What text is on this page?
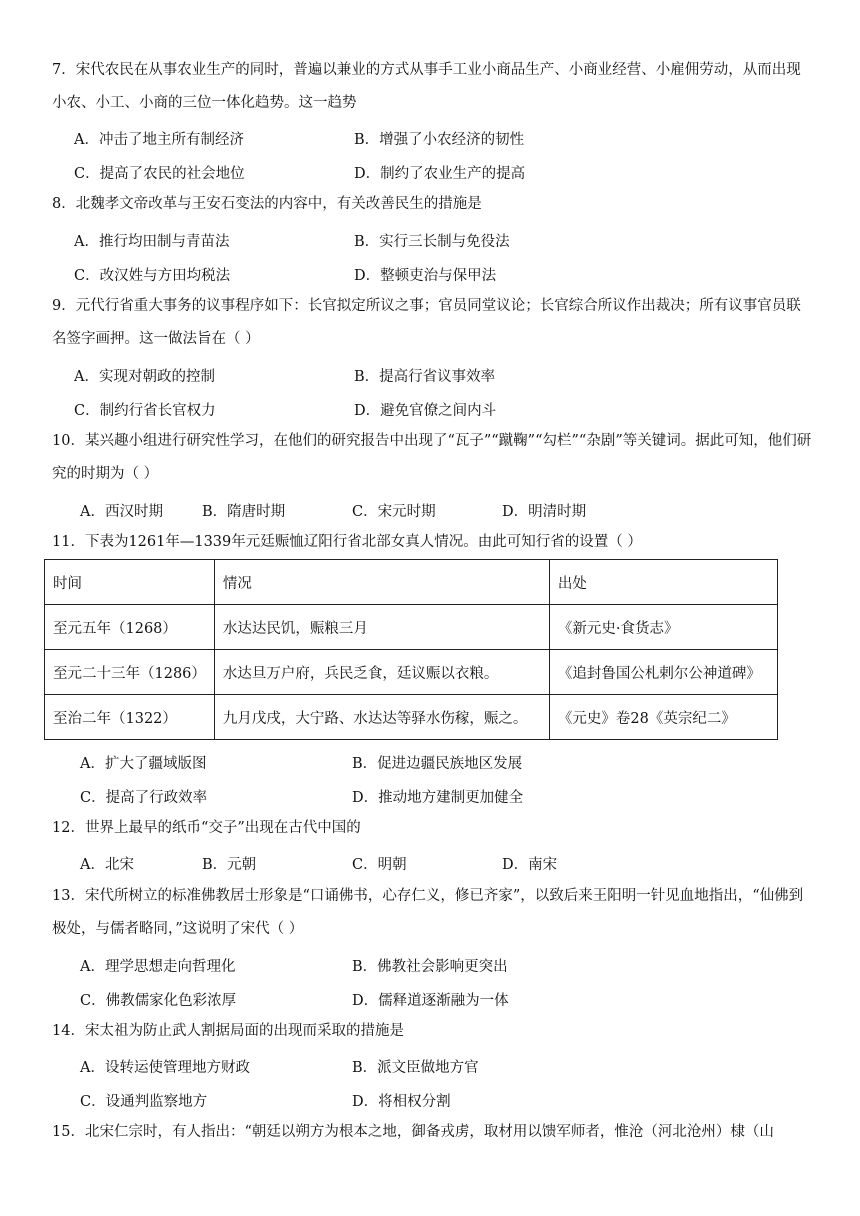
7．宋代农民在从事农业生产的同时，普遍以兼业的方式从事手工业小商品生产、小商业经营、小雇佣劳动，从而出现小农、小工、小商的三位一体化趋势。这一趋势
A．冲击了地主所有制经济	B．增强了小农经济的韧性
C．提高了农民的社会地位	D．制约了农业生产的提高
8．北魏孝文帝改革与王安石变法的内容中，有关改善民生的措施是
A．推行均田制与青苗法	B．实行三长制与免役法
C．改汉姓与方田均税法	D．整顿吏治与保甲法
9．元代行省重大事务的议事程序如下：长官拟定所议之事；官员同堂议论；长官综合所议作出裁决；所有议事官员联名签字画押。这一做法旨在（ ）
A．实现对朝政的控制	B．提高行省议事效率
C．制约行省长官权力	D．避免官僚之间内斗
10．某兴趣小组进行研究性学习，在他们的研究报告中出现了“瓦子”“蹴鞠”“勾栏”“杂剧”等关键词。据此可知，他们研究的时期为（ ）
A．西汉时期	B．隋唐时期	C．宋元时期	D．明清时期
11．下表为1261年—1339年元廷赈恤辽阳行省北部女真人情况。由此可知行省的设置（ ）
时间	情况	出处
至元五年（1268）	水达达民饥，赈粮三月	《新元史·食货志》
至元二十三年（1286）	水达旦万户府，兵民乏食，廷议赈以衣粮。	《追封鲁国公札剌尔公神道碑》
至治二年（1322）	九月戊戌，大宁路、水达达等驿水伤稼，赈之。	《元史》卷28《英宗纪二》
A．扩大了疆域版图	B．促进边疆民族地区发展
C．提高了行政效率	D．推动地方建制更加健全
12．世界上最早的纸币“交子”出现在古代中国的
A．北宋	B．元朝	C．明朝	D．南宋
13．宋代所树立的标准佛教居士形象是“口诵佛书，心存仁义，修已齐家”，以致后来王阳明一针见血地指出，“仙佛到极处，与儒者略同，”这说明了宋代（ ）
A．理学思想走向哲理化	B．佛教社会影响更突出
C．佛教儒家化色彩浓厚	D．儒释道逐渐融为一体
14．宋太祖为防止武人割据局面的出现而采取的措施是
A．设转运使管理地方财政	B．派文臣做地方官
C．设通判监察地方	D．将相权分割
15．北宋仁宗时，有人指出：“朝廷以朔方为根本之地，御备戎虏，取材用以馈军师者，惟沧（河北沧州）棣（山
